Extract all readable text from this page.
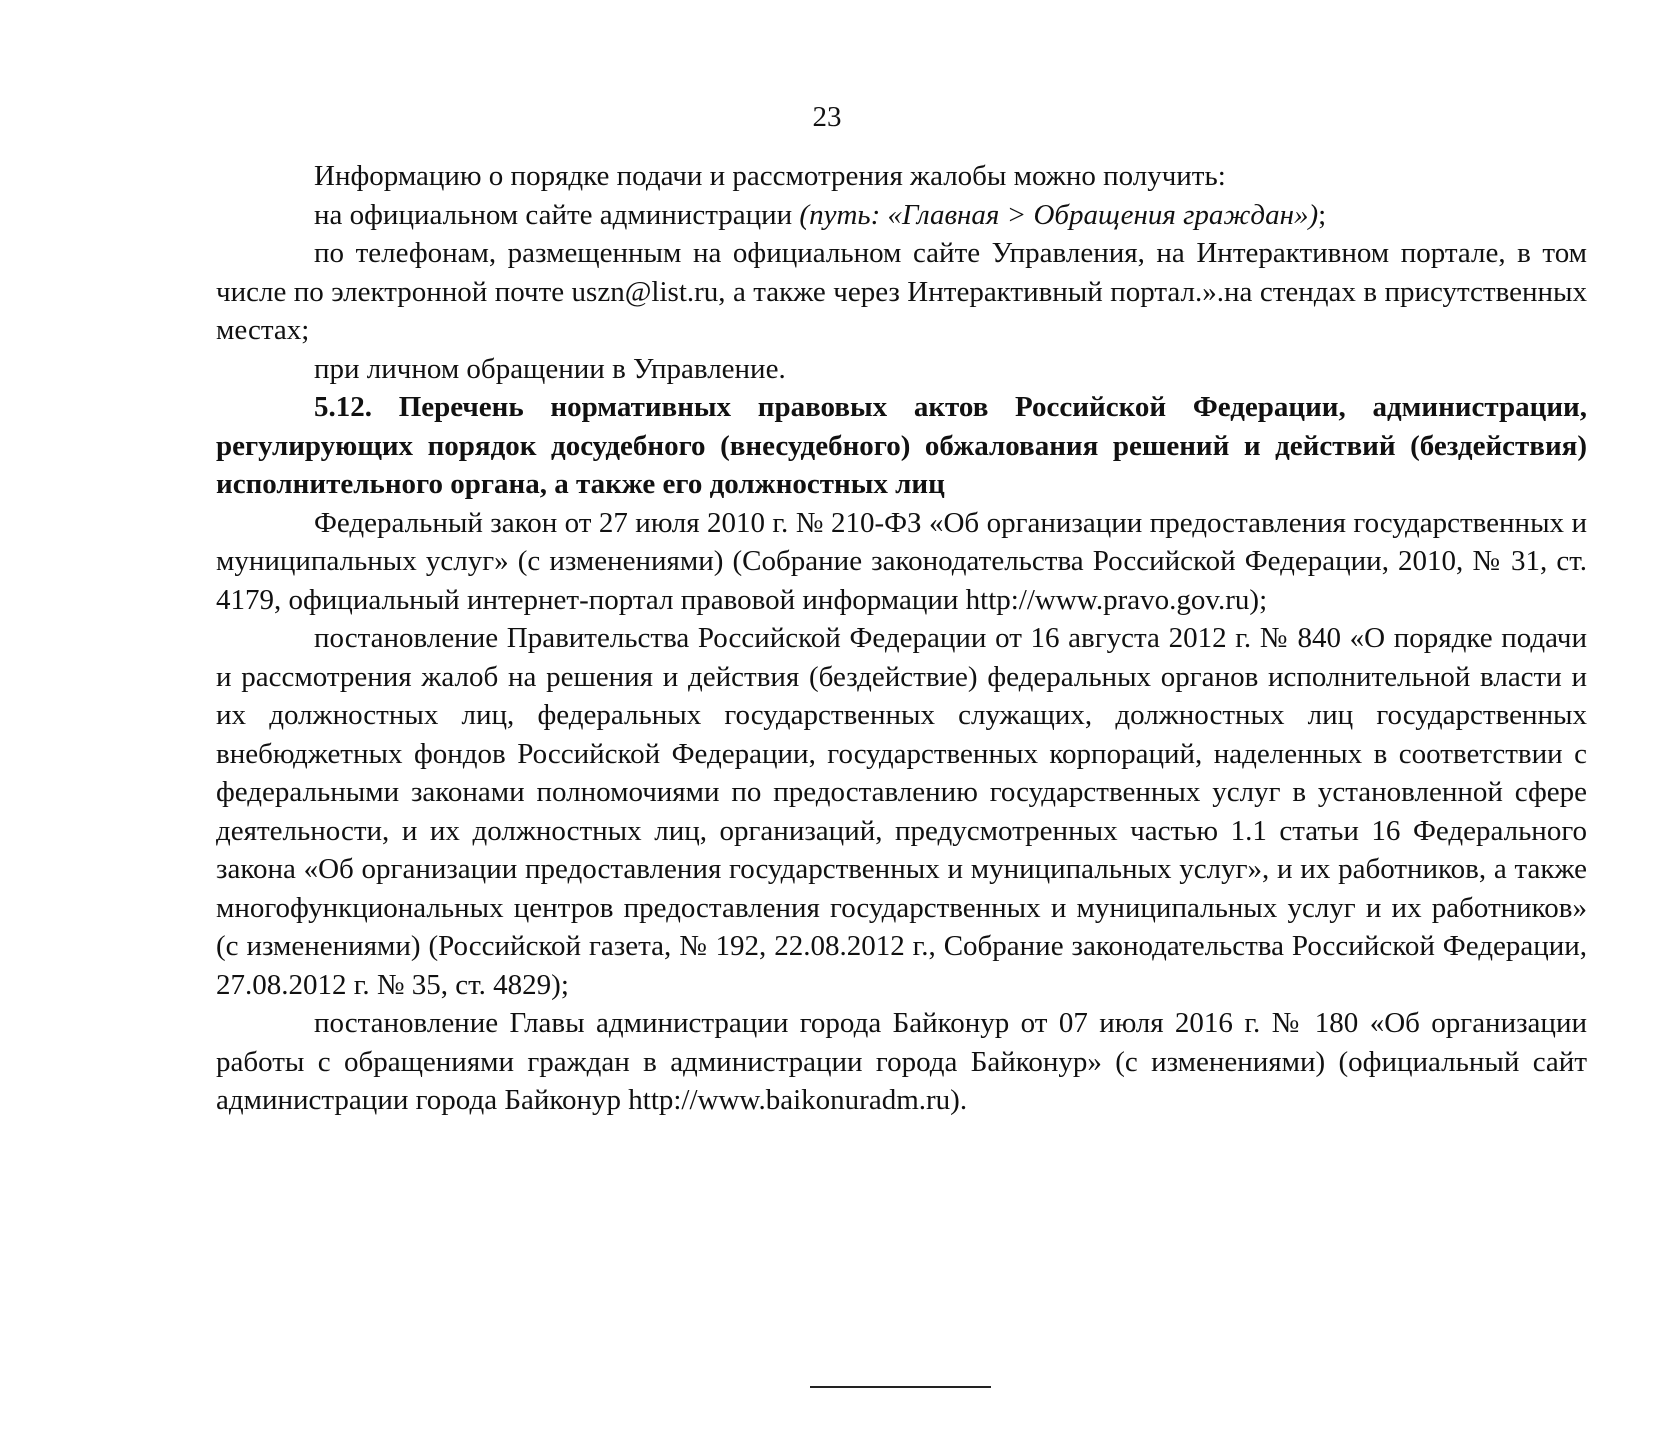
23

Информацию о порядке подачи и рассмотрения жалобы можно получить:

на официальном сайте администрации (путь: «Главная > Обращения граждан»);

по телефонам, размещенным на официальном сайте Управления, на Интерактивном портале, в том числе по электронной почте uszn@list.ru, а также через Интерактивный портал.».на стендах в присутственных местах;

при личном обращении в Управление.

5.12. Перечень нормативных правовых актов Российской Федерации, администрации, регулирующих порядок досудебного (внесудебного) обжалования решений и действий (бездействия) исполнительного органа, а также его должностных лиц

Федеральный закон от 27 июля 2010 г. № 210-ФЗ «Об организации предоставления государственных и муниципальных услуг» (с изменениями) (Собрание законодательства Российской Федерации, 2010, № 31, ст. 4179, официальный интернет-портал правовой информации http://www.pravo.gov.ru);

постановление Правительства Российской Федерации от 16 августа 2012 г. № 840 «О порядке подачи и рассмотрения жалоб на решения и действия (бездействие) федеральных органов исполнительной власти и их должностных лиц, федеральных государственных служащих, должностных лиц государственных внебюджетных фондов Российской Федерации, государственных корпораций, наделенных в соответствии с федеральными законами полномочиями по предоставлению государственных услуг в установленной сфере деятельности, и их должностных лиц, организаций, предусмотренных частью 1.1 статьи 16 Федерального закона «Об организации предоставления государственных и муниципальных услуг», и их работников, а также многофункциональных центров предоставления государственных и муниципальных услуг и их работников» (с изменениями) (Российской газета, № 192, 22.08.2012 г., Собрание законодательства Российской Федерации, 27.08.2012 г. № 35, ст. 4829);

постановление Главы администрации города Байконур от 07 июля 2016 г. № 180 «Об организации работы с обращениями граждан в администрации города Байконур» (с изменениями) (официальный сайт администрации города Байконур http://www.baikonuradm.ru).
